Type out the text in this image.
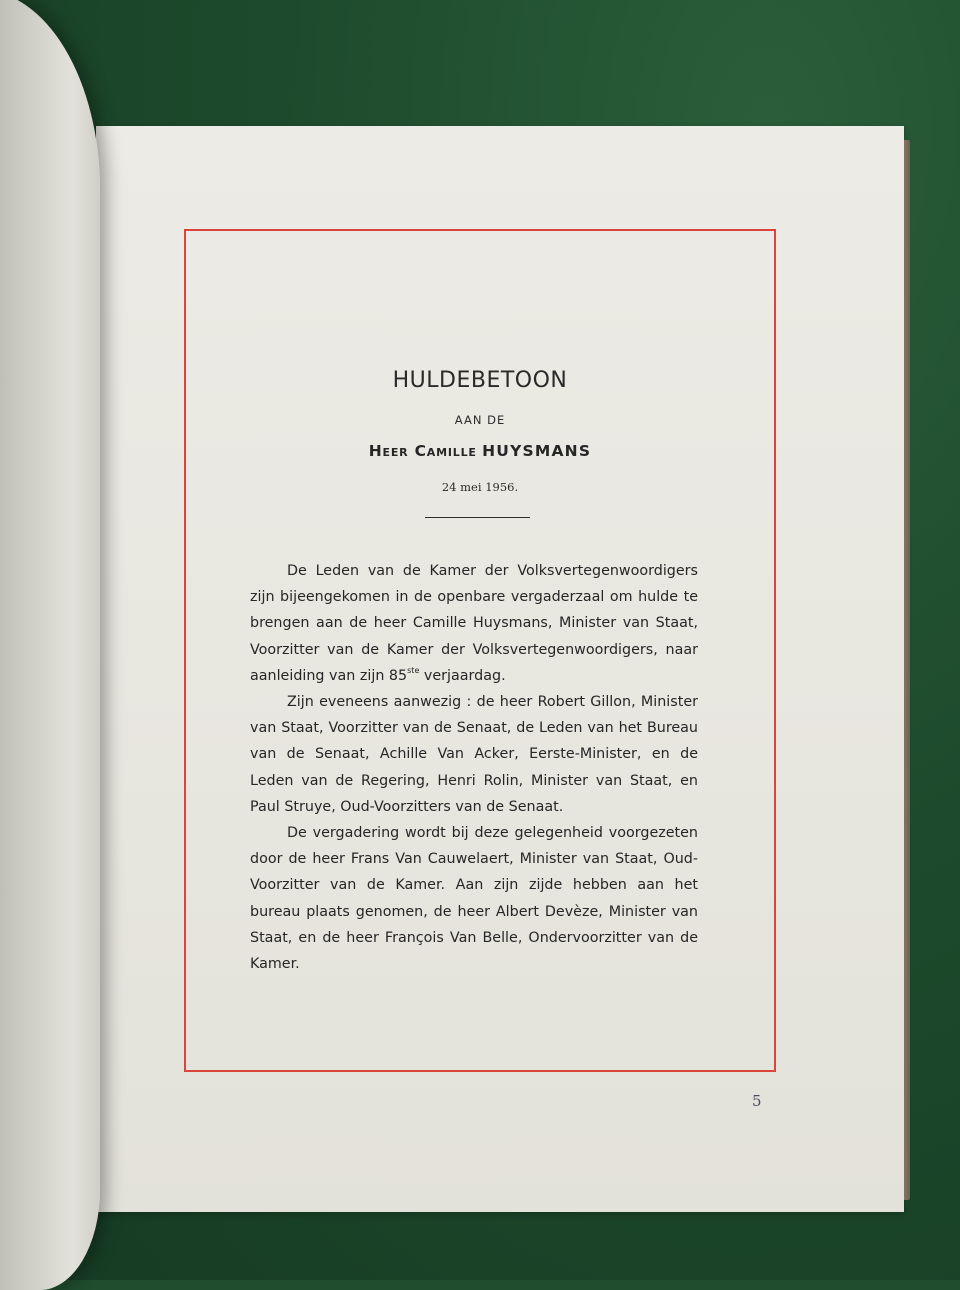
HULDEBETOON
AAN DE
Heer Camille HUYSMANS
24 mei 1956.

De Leden van de Kamer der Volksvertegenwoordigers zijn bijeengekomen in de openbare vergaderzaal om hulde te brengen aan de heer Camille Huysmans, Minister van Staat, Voorzitter van de Kamer der Volksvertegenwoordigers, naar aanleiding van zijn 85ste verjaardag.

Zijn eveneens aanwezig : de heer Robert Gillon, Minister van Staat, Voorzitter van de Senaat, de Leden van het Bureau van de Senaat, Achille Van Acker, Eerste-Minister, en de Leden van de Regering, Henri Rolin, Minister van Staat, en Paul Struye, Oud-Voorzitters van de Senaat.

De vergadering wordt bij deze gelegenheid voorgezeten door de heer Frans Van Cauwelaert, Minister van Staat, Oud-Voorzitter van de Kamer. Aan zijn zijde hebben aan het bureau plaats genomen, de heer Albert Devèze, Minister van Staat, en de heer François Van Belle, Ondervoorzitter van de Kamer.

5
